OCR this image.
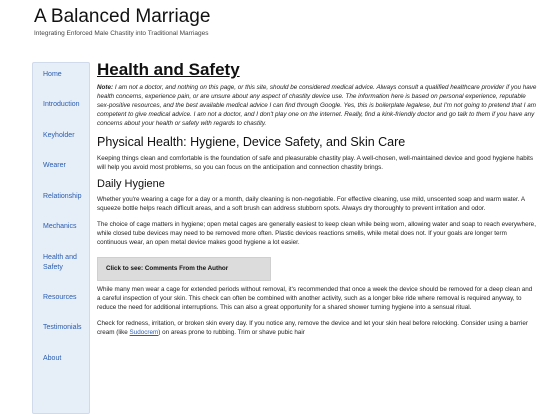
A Balanced Marriage
Integrating Enforced Male Chastity into Traditional Marriages
Home
Introduction
Keyholder
Wearer
Relationship
Mechanics
Health and Safety
Resources
Testimonials
About
Health and Safety

Note: I am not a doctor, and nothing on this page, or this site, should be considered medical advice. Always consult a qualified healthcare provider if you have health concerns, experience pain, or are unsure about any aspect of chastity device use. The information here is based on personal experience, reputable sex-positive resources, and the best available medical advice I can find through Google. Yes, this is boilerplate legalese, but I'm not going to pretend that I am competent to give medical advice. I am not a doctor, and I don't play one on the internet. Really, find a kink-friendly doctor and go talk to them if you have any concerns about your health or safety with regards to chastity.

Physical Health: Hygiene, Device Safety, and Skin Care

Keeping things clean and comfortable is the foundation of safe and pleasurable chastity play. A well-chosen, well-maintained device and good hygiene habits will help you avoid most problems, so you can focus on the anticipation and connection chastity brings.

Daily Hygiene

Whether you're wearing a cage for a day or a month, daily cleaning is non-negotiable. For effective cleaning, use mild, unscented soap and warm water. A squeeze bottle helps reach difficult areas, and a soft brush can address stubborn spots. Always dry thoroughly to prevent irritation and odor.

The choice of cage matters in hygiene; open metal cages are generally easiest to keep clean while being worn, allowing water and soap to reach everywhere, while closed tube devices may need to be removed more often. Plastic devices reactions smells, while metal does not. If your goals are longer term continuous wear, an open metal device makes good hygiene a lot easier.

Click to see: Comments From the Author

While many men wear a cage for extended periods without removal, it's recommended that once a week the device should be removed for a deep clean and a careful inspection of your skin. This check can often be combined with another activity, such as a longer bike ride where removal is required anyway, to reduce the need for additional interruptions. This can also a great opportunity for a shared shower turning hygiene into a sensual ritual.

Check for redness, irritation, or broken skin every day. If you notice any, remove the device and let your skin heal before relocking. Consider using a barrier cream (like Sudocrem) on areas prone to rubbing. Trim or shave pubic hair
